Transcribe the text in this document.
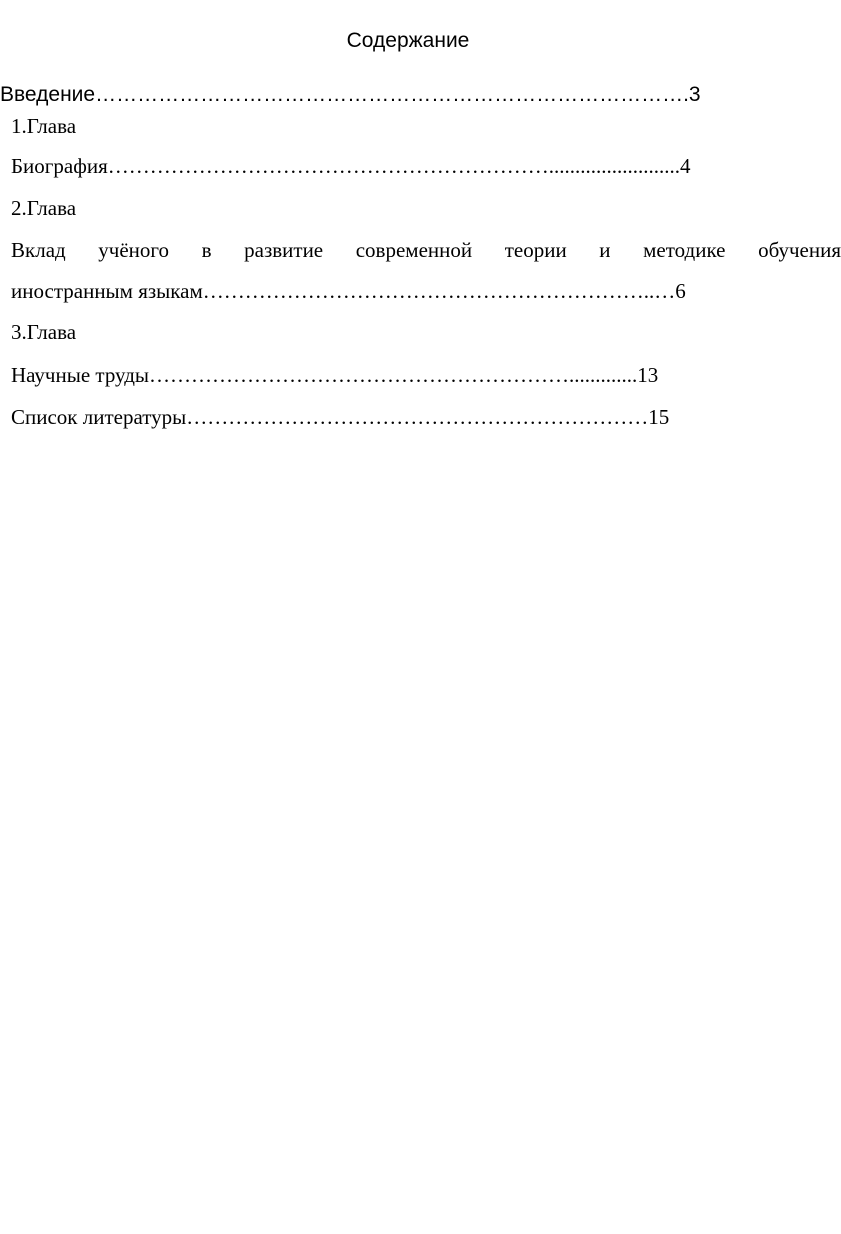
Содержание
Введение………………………………………………………………………….3
1.Глава
Биография……………………………………………………….........................4
2.Глава
Вклад учёного в развитие современной теории и методике обучения
иностранным языкам………………………………………………………..…6
3.Глава
Научные труды…………………………………………………….............13
Список литературы…………………………………………………………15
